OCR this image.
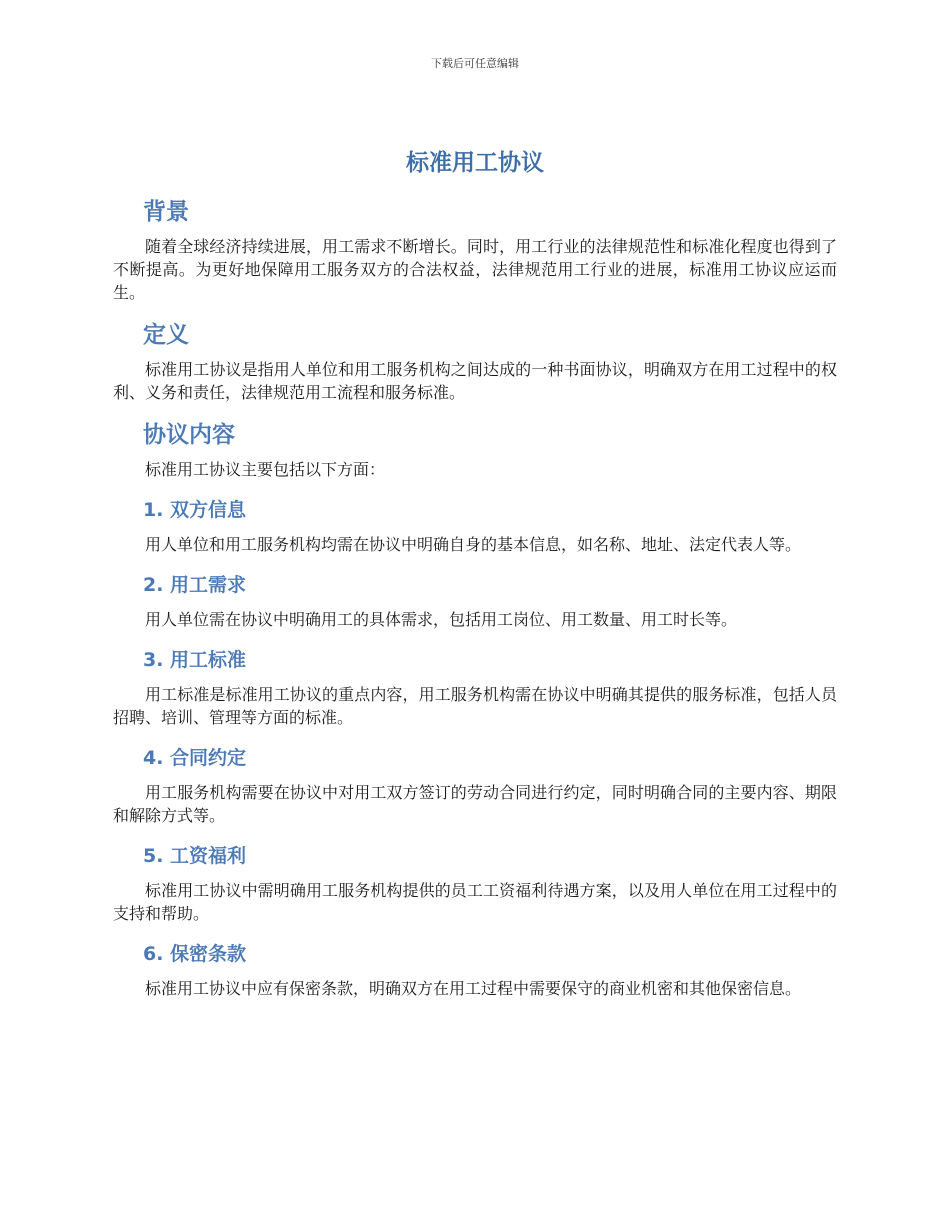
下载后可任意编辑
标准用工协议
背景

随着全球经济持续进展，用工需求不断增长。同时，用工行业的法律规范性和标准化程度也得到了不断提高。为更好地保障用工服务双方的合法权益，法律规范用工行业的进展，标准用工协议应运而生。

定义

标准用工协议是指用人单位和用工服务机构之间达成的一种书面协议，明确双方在用工过程中的权利、义务和责任，法律规范用工流程和服务标准。

协议内容

标准用工协议主要包括以下方面：

1. 双方信息

用人单位和用工服务机构均需在协议中明确自身的基本信息，如名称、地址、法定代表人等。

2. 用工需求

用人单位需在协议中明确用工的具体需求，包括用工岗位、用工数量、用工时长等。

3. 用工标准

用工标准是标准用工协议的重点内容，用工服务机构需在协议中明确其提供的服务标准，包括人员招聘、培训、管理等方面的标准。

4. 合同约定

用工服务机构需要在协议中对用工双方签订的劳动合同进行约定，同时明确合同的主要内容、期限和解除方式等。

5. 工资福利

标准用工协议中需明确用工服务机构提供的员工工资福利待遇方案，以及用人单位在用工过程中的支持和帮助。

6. 保密条款

标准用工协议中应有保密条款，明确双方在用工过程中需要保守的商业机密和其他保密信息。
